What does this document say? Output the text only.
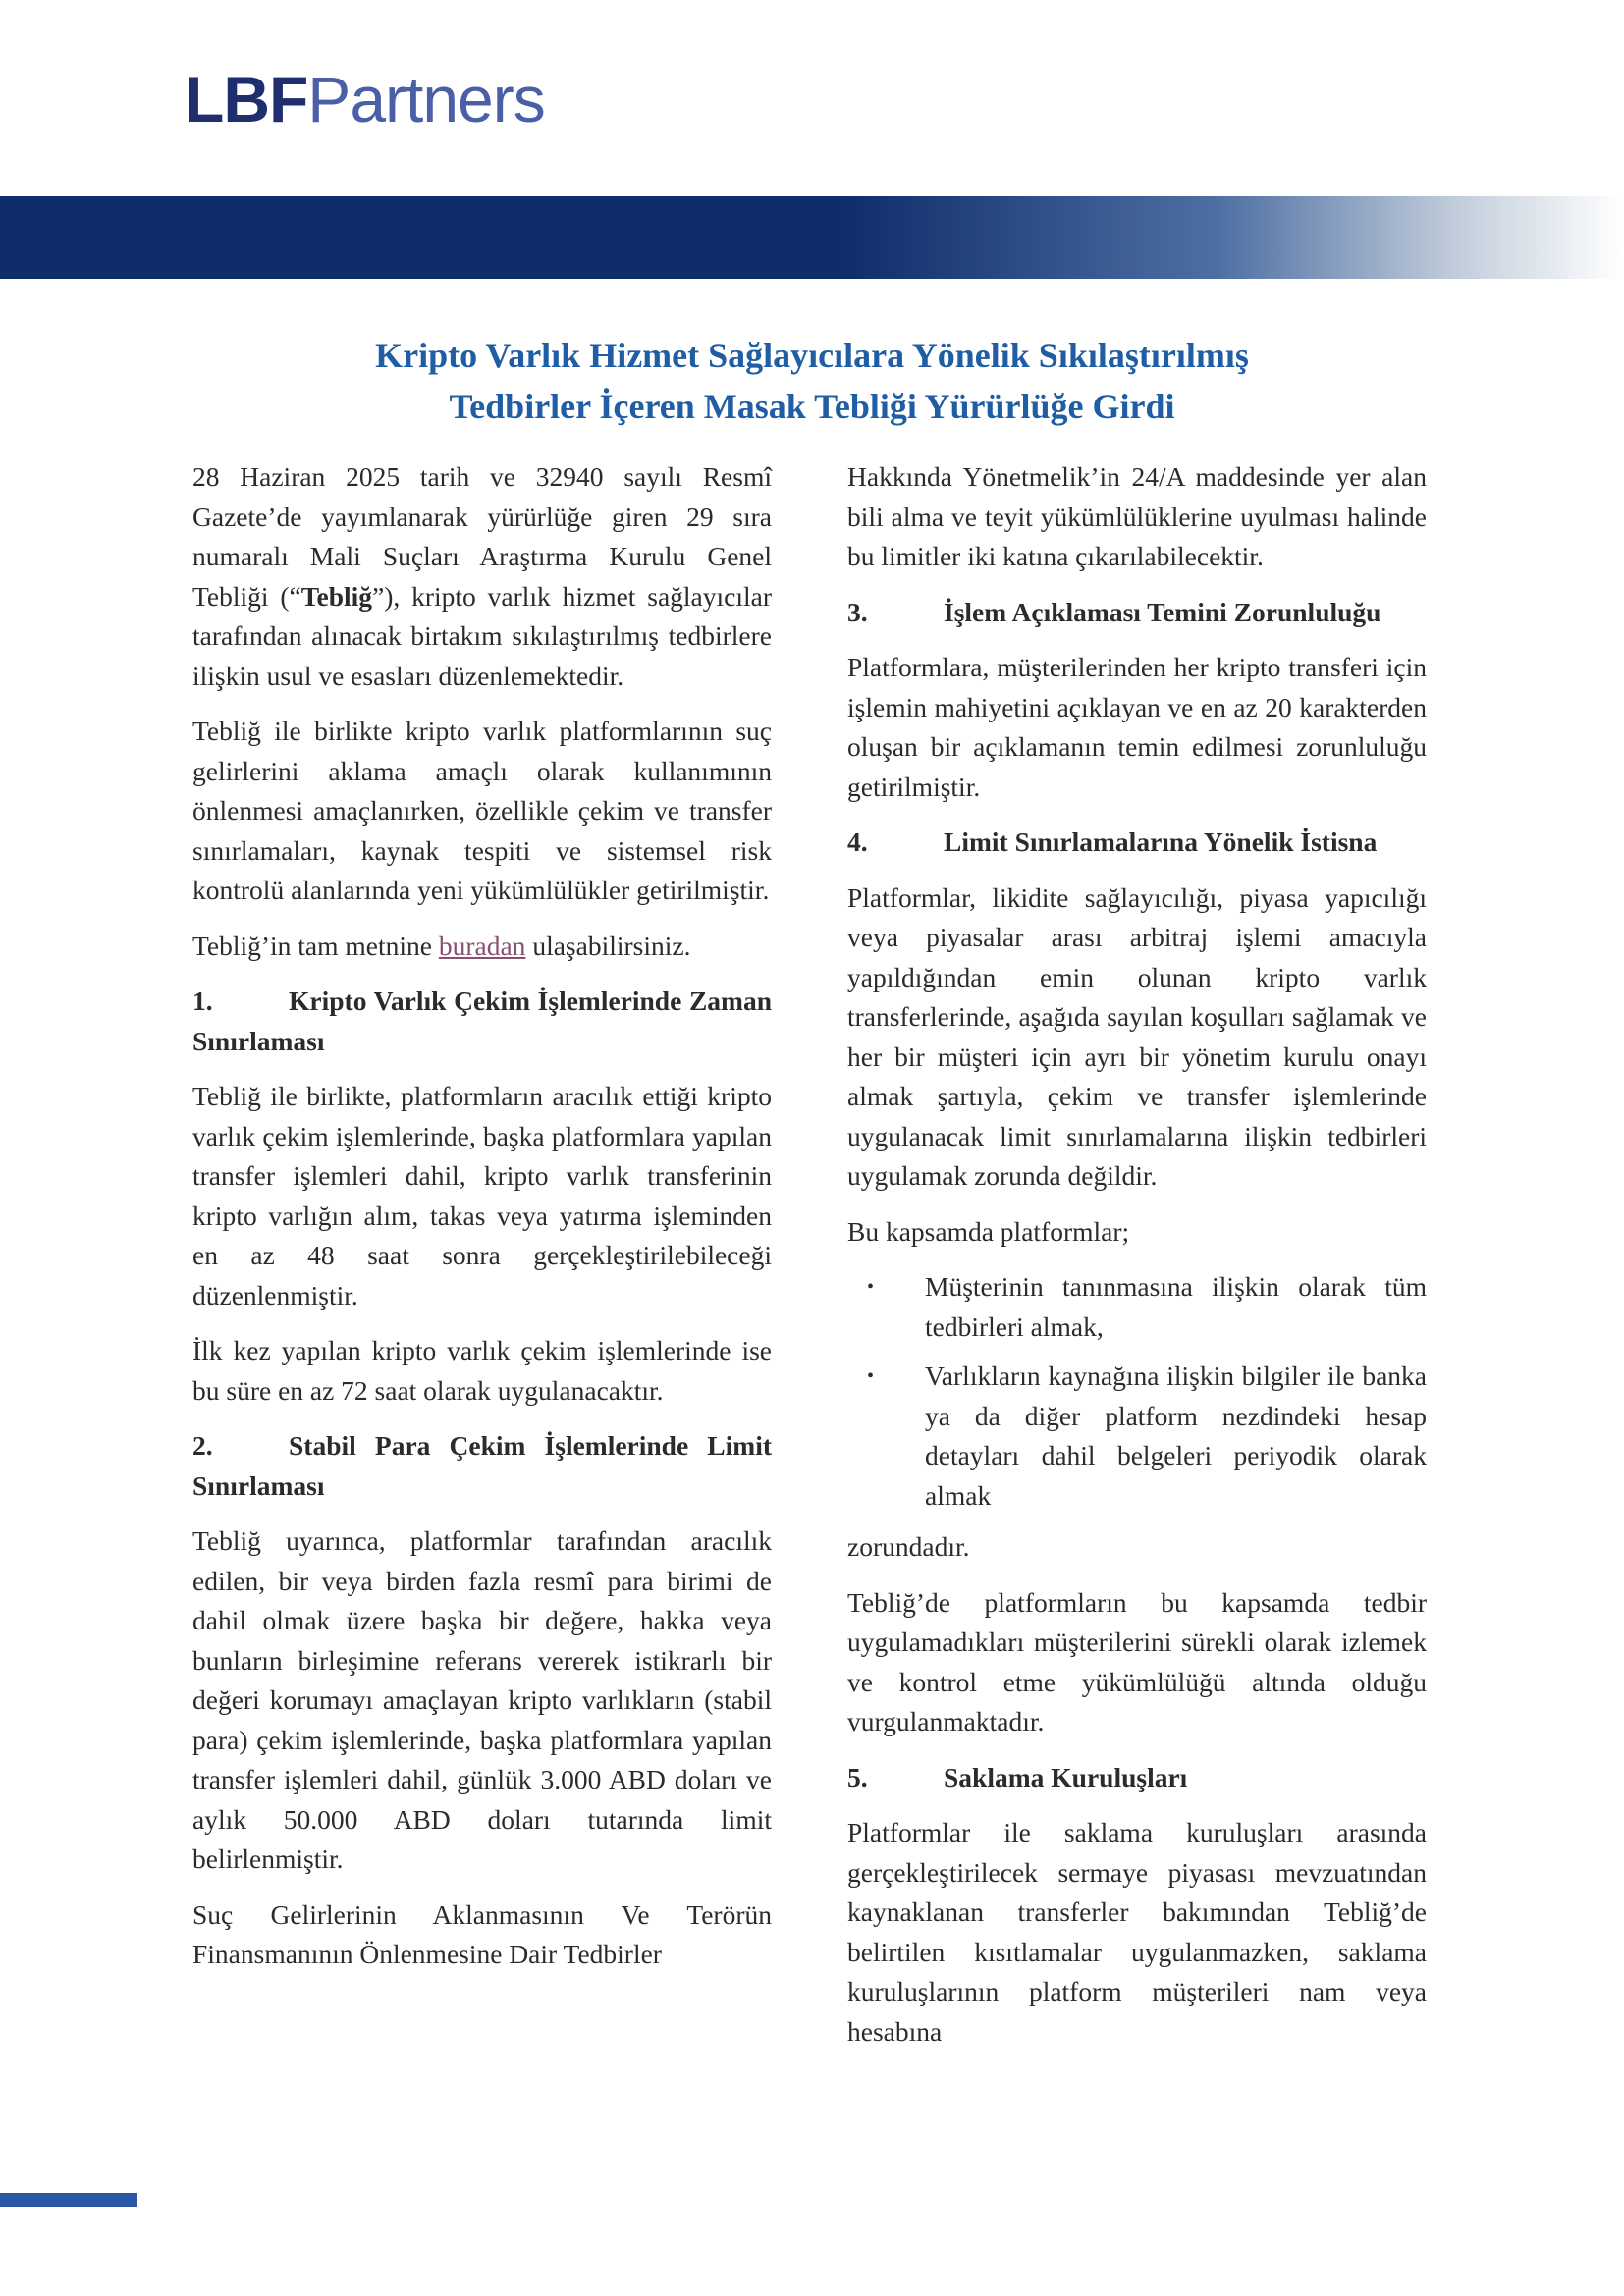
LBFPartners
Kripto Varlık Hizmet Sağlayıcılara Yönelik Sıkılaştırılmış
Tedbirler İçeren Masak Tebliği Yürürlüğe Girdi

28 Haziran 2025 tarih ve 32940 sayılı Resmî Gazete’de yayımlanarak yürürlüğe giren 29 sıra numaralı Mali Suçları Araştırma Kurulu Genel Tebliği (“Tebliğ”), kripto varlık hizmet sağlayıcılar tarafından alınacak birtakım sıkılaştırılmış tedbirlere ilişkin usul ve esasları düzenlemektedir.

Tebliğ ile birlikte kripto varlık platformlarının suç gelirlerini aklama amaçlı olarak kullanımının önlenmesi amaçlanırken, özellikle çekim ve transfer sınırlamaları, kaynak tespiti ve sistemsel risk kontrolü alanlarında yeni yükümlülükler getirilmiştir.

Tebliğ’in tam metnine buradan ulaşabilirsiniz.

1.	Kripto Varlık Çekim İşlemlerinde Zaman Sınırlaması

Tebliğ ile birlikte, platformların aracılık ettiği kripto varlık çekim işlemlerinde, başka platformlara yapılan transfer işlemleri dahil, kripto varlık transferinin kripto varlığın alım, takas veya yatırma işleminden en az 48 saat sonra gerçekleştirilebileceği düzenlenmiştir.

İlk kez yapılan kripto varlık çekim işlemlerinde ise bu süre en az 72 saat olarak uygulanacaktır.

2.	Stabil Para Çekim İşlemlerinde Limit Sınırlaması

Tebliğ uyarınca, platformlar tarafından aracılık edilen, bir veya birden fazla resmî para birimi de dahil olmak üzere başka bir değere, hakka veya bunların birleşimine referans vererek istikrarlı bir değeri korumayı amaçlayan kripto varlıkların (stabil para) çekim işlemlerinde, başka platformlara yapılan transfer işlemleri dahil, günlük 3.000 ABD doları ve aylık 50.000 ABD doları tutarında limit belirlenmiştir.

Suç Gelirlerinin Aklanmasının Ve Terörün Finansmanının Önlenmesine Dair Tedbirler

Hakkında Yönetmelik’in 24/A maddesinde yer alan bili alma ve teyit yükümlülüklerine uyulması halinde bu limitler iki katına çıkarılabilecektir.

3.	İşlem Açıklaması Temini Zorunluluğu

Platformlara, müşterilerinden her kripto transferi için işlemin mahiyetini açıklayan ve en az 20 karakterden oluşan bir açıklamanın temin edilmesi zorunluluğu getirilmiştir.

4.	Limit Sınırlamalarına Yönelik İstisna

Platformlar, likidite sağlayıcılığı, piyasa yapıcılığı veya piyasalar arası arbitraj işlemi amacıyla yapıldığından emin olunan kripto varlık transferlerinde, aşağıda sayılan koşulları sağlamak ve her bir müşteri için ayrı bir yönetim kurulu onayı almak şartıyla, çekim ve transfer işlemlerinde uygulanacak limit sınırlamalarına ilişkin tedbirleri uygulamak zorunda değildir.

Bu kapsamda platformlar;

• Müşterinin tanınmasına ilişkin olarak tüm tedbirleri almak,
• Varlıkların kaynağına ilişkin bilgiler ile banka ya da diğer platform nezdindeki hesap detayları dahil belgeleri periyodik olarak almak

zorundadır.

Tebliğ’de platformların bu kapsamda tedbir uygulamadıkları müşterilerini sürekli olarak izlemek ve kontrol etme yükümlülüğü altında olduğu vurgulanmaktadır.

5.	Saklama Kuruluşları

Platformlar ile saklama kuruluşları arasında gerçekleştirilecek sermaye piyasası mevzuatından kaynaklanan transferler bakımından Tebliğ’de belirtilen kısıtlamalar uygulanmazken, saklama kuruluşlarının platform müşterileri nam veya hesabına
